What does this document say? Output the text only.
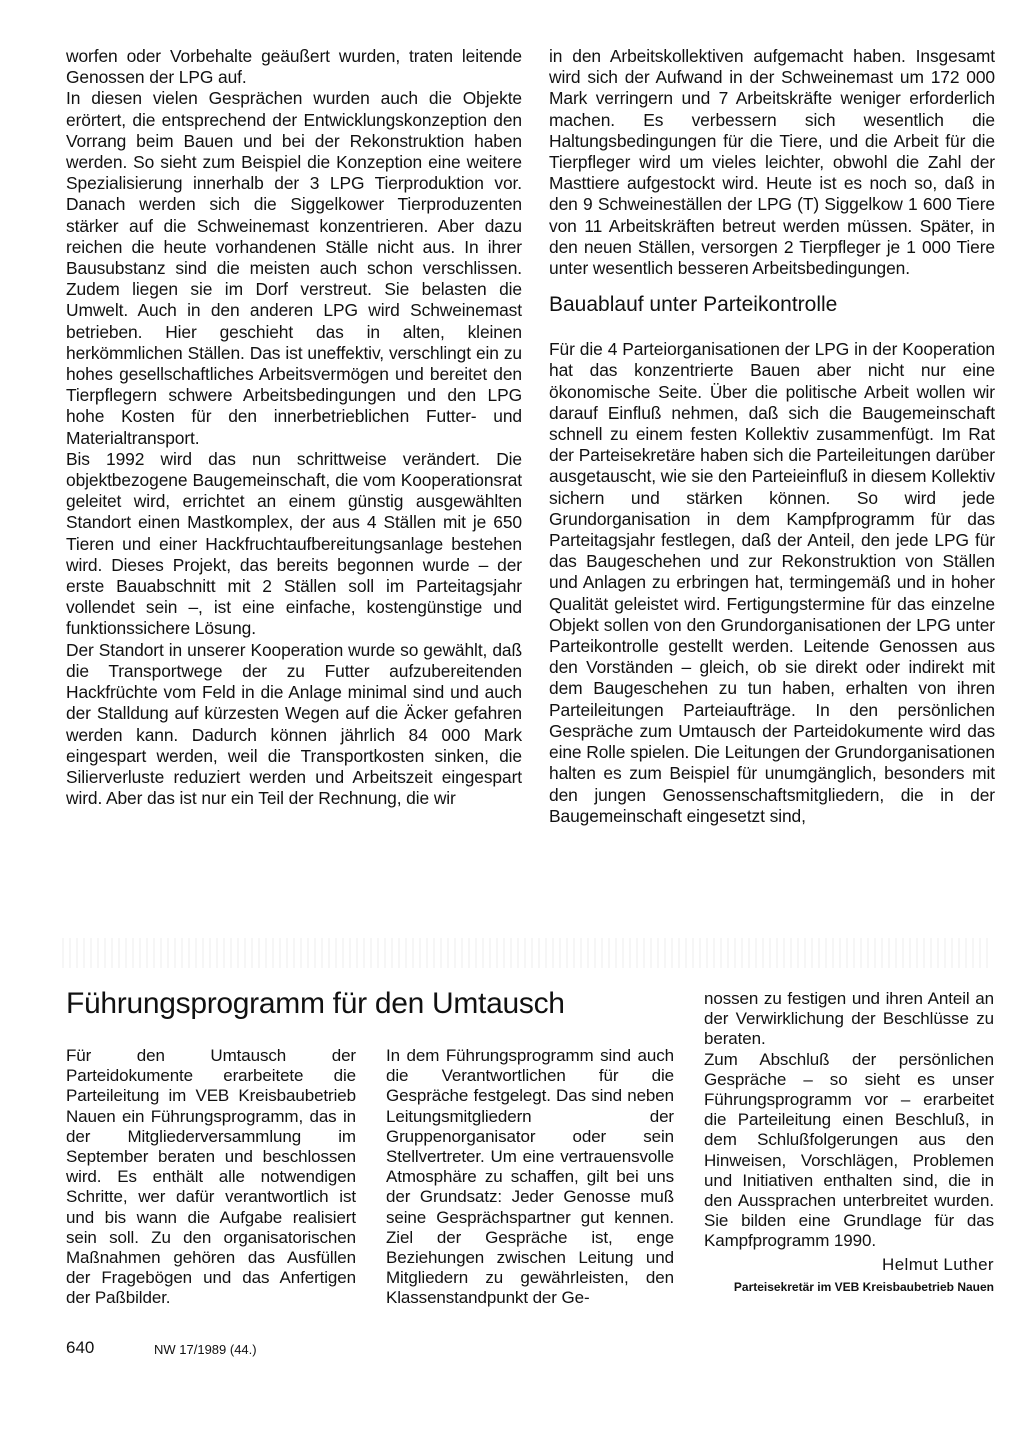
worfen oder Vorbehalte geäußert wurden, traten leitende Genossen der LPG auf.

In diesen vielen Gesprächen wurden auch die Objekte erörtert, die entsprechend der Entwicklungskonzeption den Vorrang beim Bauen und bei der Rekonstruktion haben werden. So sieht zum Beispiel die Konzeption eine weitere Spezialisierung innerhalb der 3 LPG Tierproduktion vor. Danach werden sich die Siggelkower Tierproduzenten stärker auf die Schweinemast konzentrieren. Aber dazu reichen die heute vorhandenen Ställe nicht aus. In ihrer Bausubstanz sind die meisten auch schon verschlissen. Zudem liegen sie im Dorf verstreut. Sie belasten die Umwelt. Auch in den anderen LPG wird Schweinemast betrieben. Hier geschieht das in alten, kleinen herkömmlichen Ställen. Das ist uneffektiv, verschlingt ein zu hohes gesellschaftliches Arbeitsvermögen und bereitet den Tierpflegern schwere Arbeitsbedingungen und den LPG hohe Kosten für den innerbetrieblichen Futter- und Materialtransport.

Bis 1992 wird das nun schrittweise verändert. Die objektbezogene Baugemeinschaft, die vom Kooperationsrat geleitet wird, errichtet an einem günstig ausgewählten Standort einen Mastkomplex, der aus 4 Ställen mit je 650 Tieren und einer Hackfruchtaufbereitungsanlage bestehen wird. Dieses Projekt, das bereits begonnen wurde – der erste Bauabschnitt mit 2 Ställen soll im Parteitagsjahr vollendet sein –, ist eine einfache, kostengünstige und funktionssichere Lösung.

Der Standort in unserer Kooperation wurde so gewählt, daß die Transportwege der zu Futter aufzubereitenden Hackfrüchte vom Feld in die Anlage minimal sind und auch der Stalldung auf kürzesten Wegen auf die Äcker gefahren werden kann. Dadurch können jährlich 84 000 Mark eingespart werden, weil die Transportkosten sinken, die Silierverluste reduziert werden und Arbeitszeit eingespart wird. Aber das ist nur ein Teil der Rechnung, die wir

in den Arbeitskollektiven aufgemacht haben. Insgesamt wird sich der Aufwand in der Schweinemast um 172 000 Mark verringern und 7 Arbeitskräfte weniger erforderlich machen. Es verbessern sich wesentlich die Haltungsbedingungen für die Tiere, und die Arbeit für die Tierpfleger wird um vieles leichter, obwohl die Zahl der Masttiere aufgestockt wird. Heute ist es noch so, daß in den 9 Schweineställen der LPG (T) Siggelkow 1 600 Tiere von 11 Arbeitskräften betreut werden müssen. Später, in den neuen Ställen, versorgen 2 Tierpfleger je 1 000 Tiere unter wesentlich besseren Arbeitsbedingungen.

Bauablauf unter Parteikontrolle

Für die 4 Parteiorganisationen der LPG in der Kooperation hat das konzentrierte Bauen aber nicht nur eine ökonomische Seite. Über die politische Arbeit wollen wir darauf Einfluß nehmen, daß sich die Baugemeinschaft schnell zu einem festen Kollektiv zusammenfügt. Im Rat der Parteisekretäre haben sich die Parteileitungen darüber ausgetauscht, wie sie den Parteieinfluß in diesem Kollektiv sichern und stärken können. So wird jede Grundorganisation in dem Kampfprogramm für das Parteitagsjahr festlegen, daß der Anteil, den jede LPG für das Baugeschehen und zur Rekonstruktion von Ställen und Anlagen zu erbringen hat, termingemäß und in hoher Qualität geleistet wird. Fertigungstermine für das einzelne Objekt sollen von den Grundorganisationen der LPG unter Parteikontrolle gestellt werden. Leitende Genossen aus den Vorständen – gleich, ob sie direkt oder indirekt mit dem Baugeschehen zu tun haben, erhalten von ihren Parteileitungen Parteiaufträge. In den persönlichen Gespräche zum Umtausch der Parteidokumente wird das eine Rolle spielen. Die Leitungen der Grundorganisationen halten es zum Beispiel für unumgänglich, besonders mit den jungen Genossenschaftsmitgliedern, die in der Baugemeinschaft eingesetzt sind,

Führungsprogramm für den Umtausch

Für den Umtausch der Parteidokumente erarbeitete die Parteileitung im VEB Kreisbaubetrieb Nauen ein Führungsprogramm, das in der Mitgliederversammlung im September beraten und beschlossen wird. Es enthält alle notwendigen Schritte, wer dafür verantwortlich ist und bis wann die Aufgabe realisiert sein soll. Zu den organisatorischen Maßnahmen gehören das Ausfüllen der Fragebögen und das Anfertigen der Paßbilder.

In dem Führungsprogramm sind auch die Verantwortlichen für die Gespräche festgelegt. Das sind neben Leitungsmitgliedern der Gruppenorganisator oder sein Stellvertreter. Um eine vertrauensvolle Atmosphäre zu schaffen, gilt bei uns der Grundsatz: Jeder Genosse muß seine Gesprächspartner gut kennen. Ziel der Gespräche ist, enge Beziehungen zwischen Leitung und Mitgliedern zu gewährleisten, den Klassenstandpunkt der Ge-

nossen zu festigen und ihren Anteil an der Verwirklichung der Beschlüsse zu beraten.

Zum Abschluß der persönlichen Gespräche – so sieht es unser Führungsprogramm vor – erarbeitet die Parteileitung einen Beschluß, in dem Schlußfolgerungen aus den Hinweisen, Vorschlägen, Problemen und Initiativen enthalten sind, die in den Aussprachen unterbreitet wurden. Sie bilden eine Grundlage für das Kampfprogramm 1990.

Helmut Luther
Parteisekretär im VEB Kreisbaubetrieb Nauen
640	NW 17/1989 (44.)
